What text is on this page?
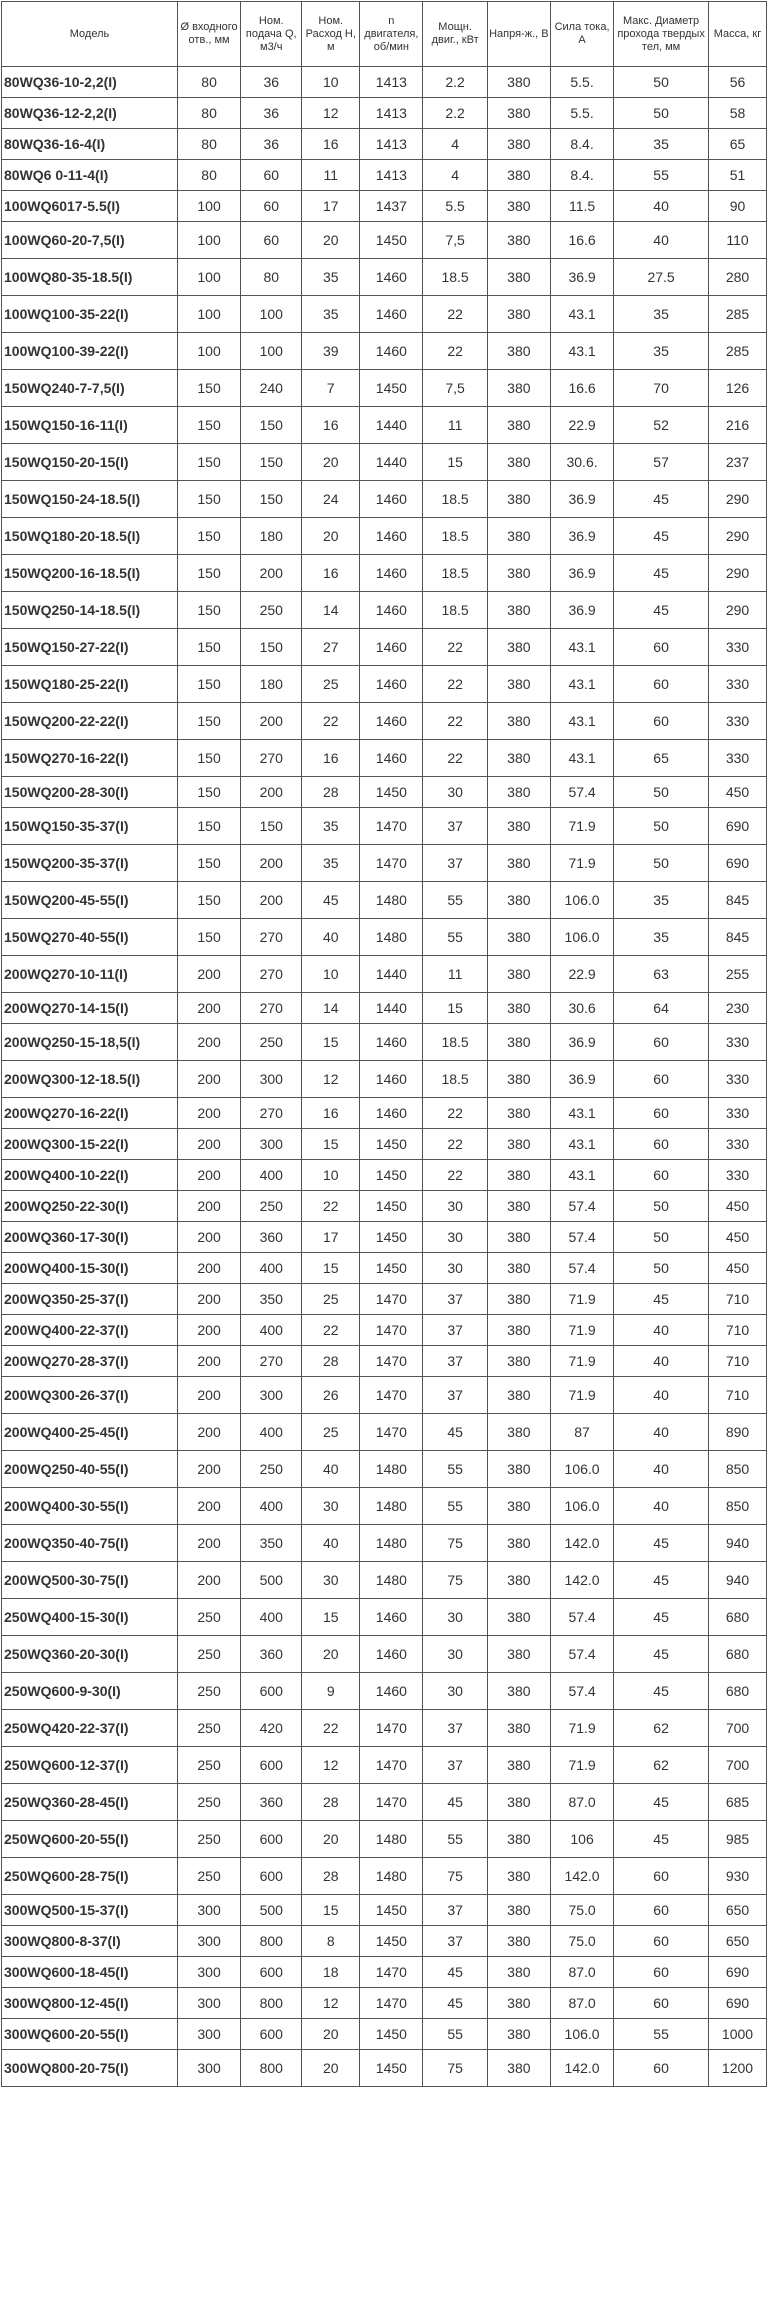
Модель	Ø входного отв., мм	Ном. подача Q, м3/ч	Ном. Расход H, м	n двигателя, об/мин	Мощн. двиг., кВт	Напря-ж., В	Сила тока, А	Макс. Диаметр прохода твердых тел, мм	Масса, кг
80WQ36-10-2,2(I)	80	36	10	1413	2.2	380	5.5.	50	56
80WQ36-12-2,2(I)	80	36	12	1413	2.2	380	5.5.	50	58
80WQ36-16-4(I)	80	36	16	1413	4	380	8.4.	35	65
80WQ6 0-11-4(I)	80	60	11	1413	4	380	8.4.	55	51
100WQ6017-5.5(I)	100	60	17	1437	5.5	380	11.5	40	90
100WQ60-20-7,5(I)	100	60	20	1450	7,5	380	16.6	40	110
100WQ80-35-18.5(I)	100	80	35	1460	18.5	380	36.9	27.5	280
100WQ100-35-22(I)	100	100	35	1460	22	380	43.1	35	285
100WQ100-39-22(I)	100	100	39	1460	22	380	43.1	35	285
150WQ240-7-7,5(I)	150	240	7	1450	7,5	380	16.6	70	126
150WQ150-16-11(I)	150	150	16	1440	11	380	22.9	52	216
150WQ150-20-15(I)	150	150	20	1440	15	380	30.6.	57	237
150WQ150-24-18.5(I)	150	150	24	1460	18.5	380	36.9	45	290
150WQ180-20-18.5(I)	150	180	20	1460	18.5	380	36.9	45	290
150WQ200-16-18.5(I)	150	200	16	1460	18.5	380	36.9	45	290
150WQ250-14-18.5(I)	150	250	14	1460	18.5	380	36.9	45	290
150WQ150-27-22(I)	150	150	27	1460	22	380	43.1	60	330
150WQ180-25-22(I)	150	180	25	1460	22	380	43.1	60	330
150WQ200-22-22(I)	150	200	22	1460	22	380	43.1	60	330
150WQ270-16-22(I)	150	270	16	1460	22	380	43.1	65	330
150WQ200-28-30(I)	150	200	28	1450	30	380	57.4	50	450
150WQ150-35-37(I)	150	150	35	1470	37	380	71.9	50	690
150WQ200-35-37(I)	150	200	35	1470	37	380	71.9	50	690
150WQ200-45-55(I)	150	200	45	1480	55	380	106.0	35	845
150WQ270-40-55(I)	150	270	40	1480	55	380	106.0	35	845
200WQ270-10-11(I)	200	270	10	1440	11	380	22.9	63	255
200WQ270-14-15(I)	200	270	14	1440	15	380	30.6	64	230
200WQ250-15-18,5(I)	200	250	15	1460	18.5	380	36.9	60	330
200WQ300-12-18.5(I)	200	300	12	1460	18.5	380	36.9	60	330
200WQ270-16-22(I)	200	270	16	1460	22	380	43.1	60	330
200WQ300-15-22(I)	200	300	15	1450	22	380	43.1	60	330
200WQ400-10-22(I)	200	400	10	1450	22	380	43.1	60	330
200WQ250-22-30(I)	200	250	22	1450	30	380	57.4	50	450
200WQ360-17-30(I)	200	360	17	1450	30	380	57.4	50	450
200WQ400-15-30(I)	200	400	15	1450	30	380	57.4	50	450
200WQ350-25-37(I)	200	350	25	1470	37	380	71.9	45	710
200WQ400-22-37(I)	200	400	22	1470	37	380	71.9	40	710
200WQ270-28-37(I)	200	270	28	1470	37	380	71.9	40	710
200WQ300-26-37(I)	200	300	26	1470	37	380	71.9	40	710
200WQ400-25-45(I)	200	400	25	1470	45	380	87	40	890
200WQ250-40-55(I)	200	250	40	1480	55	380	106.0	40	850
200WQ400-30-55(I)	200	400	30	1480	55	380	106.0	40	850
200WQ350-40-75(I)	200	350	40	1480	75	380	142.0	45	940
200WQ500-30-75(I)	200	500	30	1480	75	380	142.0	45	940
250WQ400-15-30(I)	250	400	15	1460	30	380	57.4	45	680
250WQ360-20-30(I)	250	360	20	1460	30	380	57.4	45	680
250WQ600-9-30(I)	250	600	9	1460	30	380	57.4	45	680
250WQ420-22-37(I)	250	420	22	1470	37	380	71.9	62	700
250WQ600-12-37(I)	250	600	12	1470	37	380	71.9	62	700
250WQ360-28-45(I)	250	360	28	1470	45	380	87.0	45	685
250WQ600-20-55(I)	250	600	20	1480	55	380	106	45	985
250WQ600-28-75(I)	250	600	28	1480	75	380	142.0	60	930
300WQ500-15-37(I)	300	500	15	1450	37	380	75.0	60	650
300WQ800-8-37(I)	300	800	8	1450	37	380	75.0	60	650
300WQ600-18-45(I)	300	600	18	1470	45	380	87.0	60	690
300WQ800-12-45(I)	300	800	12	1470	45	380	87.0	60	690
300WQ600-20-55(I)	300	600	20	1450	55	380	106.0	55	1000
300WQ800-20-75(I)	300	800	20	1450	75	380	142.0	60	1200
